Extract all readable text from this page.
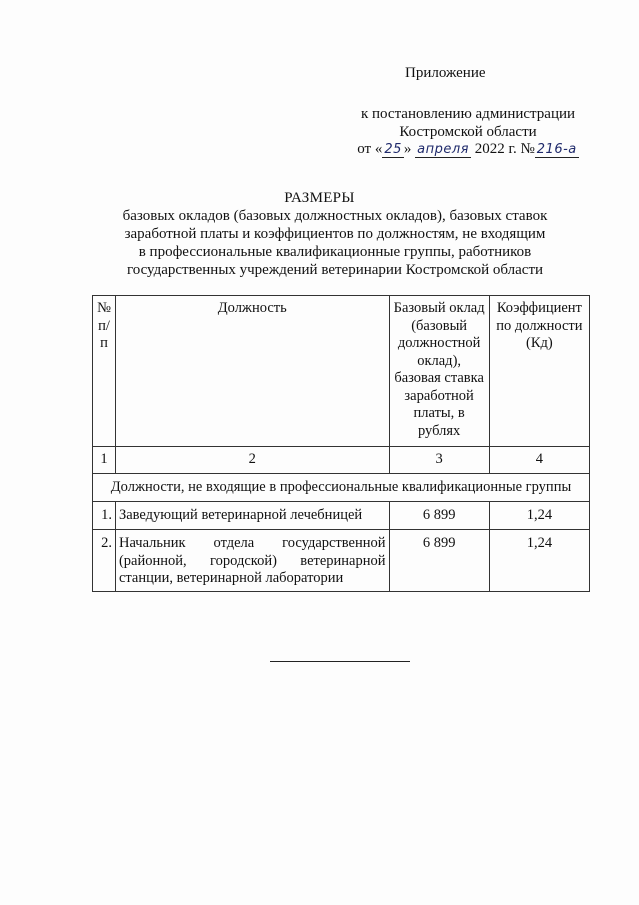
Приложение
к постановлению администрации
Костромской области
от « 25 » апреля 2022 г. № 216-а
РАЗМЕРЫ
базовых окладов (базовых должностных окладов), базовых ставок
заработной платы и коэффициентов по должностям, не входящим
в профессиональные квалификационные группы, работников
государственных учреждений ветеринарии Костромской области
№ п/п	Должность	Базовый оклад (базовый должностной оклад), базовая ставка заработной платы, в рублях	Коэффициент по должности (Кд)
1	2	3	4
Должности, не входящие в профессиональные квалификационные группы			
1.	Заведующий ветеринарной лечебницей	6 899	1,24
2.	Начальник отдела государственной (районной, городской) ветеринарной станции, ветеринарной лаборатории	6 899	1,24
